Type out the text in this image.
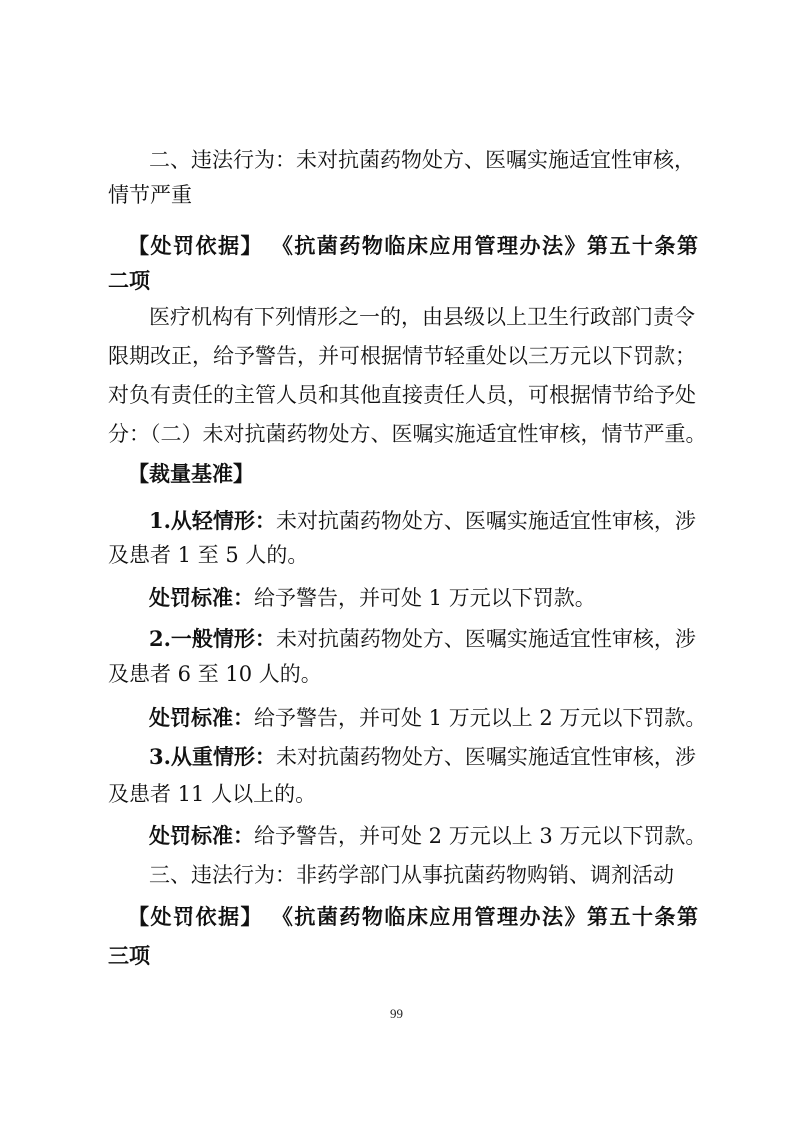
二、违法行为：未对抗菌药物处方、医嘱实施适宜性审核，
情节严重
【处罚依据】 《抗菌药物临床应用管理办法》第五十条第
二项
医疗机构有下列情形之一的，由县级以上卫生行政部门责令
限期改正，给予警告，并可根据情节轻重处以三万元以下罚款；
对负有责任的主管人员和其他直接责任人员，可根据情节给予处
分：（二）未对抗菌药物处方、医嘱实施适宜性审核，情节严重。
【裁量基准】
1.从轻情形：未对抗菌药物处方、医嘱实施适宜性审核，涉
及患者 1 至 5 人的。
处罚标准：给予警告，并可处 1 万元以下罚款。
2.一般情形：未对抗菌药物处方、医嘱实施适宜性审核，涉
及患者 6 至 10 人的。
处罚标准：给予警告，并可处 1 万元以上 2 万元以下罚款。
3.从重情形：未对抗菌药物处方、医嘱实施适宜性审核，涉
及患者 11 人以上的。
处罚标准：给予警告，并可处 2 万元以上 3 万元以下罚款。
三、违法行为：非药学部门从事抗菌药物购销、调剂活动
【处罚依据】 《抗菌药物临床应用管理办法》第五十条第
三项
99
